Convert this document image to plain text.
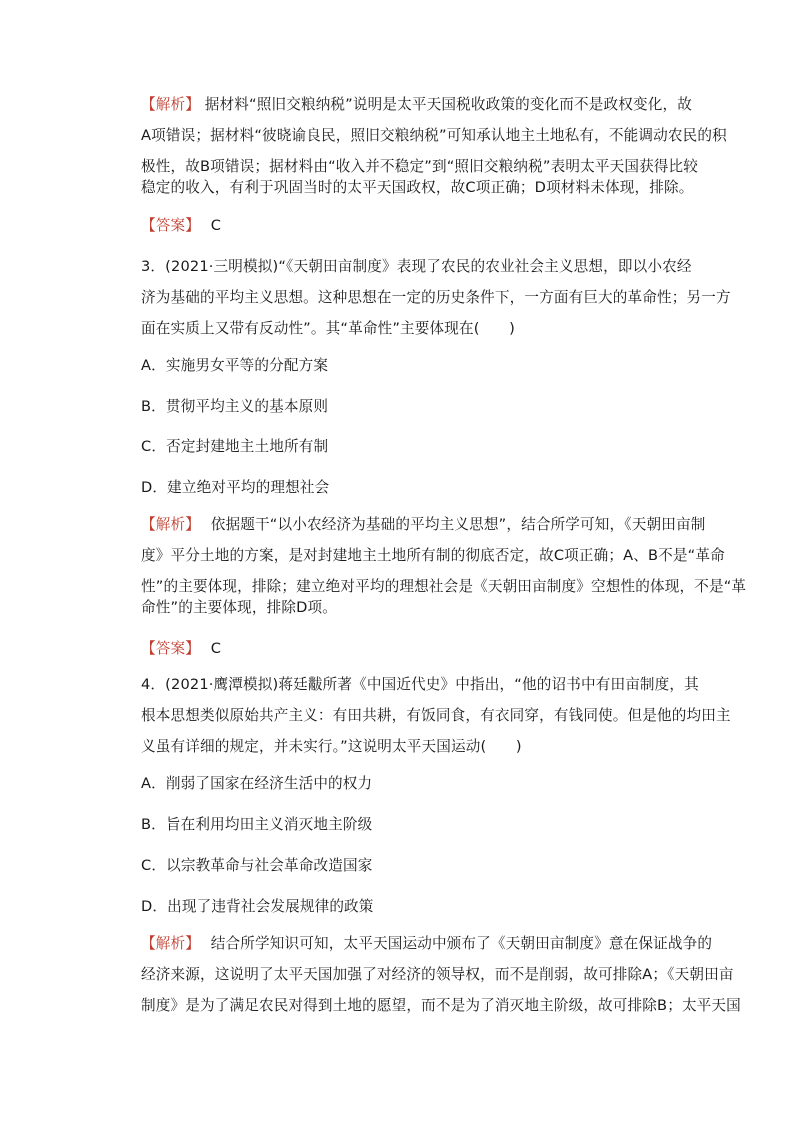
【解析】 据材料“照旧交粮纳税”说明是太平天国税收政策的变化而不是政权变化，故
A项错误；据材料“彼晓谕良民，照旧交粮纳税”可知承认地主土地私有，不能调动农民的积
极性，故B项错误；据材料由“收入并不稳定”到“照旧交粮纳税”表明太平天国获得比较
稳定的收入，有利于巩固当时的太平天国政权，故C项正确；D项材料未体现，排除。
【答案】 C
3．(2021·三明模拟)“《天朝田亩制度》表现了农民的农业社会主义思想，即以小农经
济为基础的平均主义思想。这种思想在一定的历史条件下，一方面有巨大的革命性；另一方
面在实质上又带有反动性”。其“革命性”主要体现在(　　)
A．实施男女平等的分配方案
B．贯彻平均主义的基本原则
C．否定封建地主土地所有制
D．建立绝对平均的理想社会
【解析】 依据题干“以小农经济为基础的平均主义思想”，结合所学可知，《天朝田亩制
度》平分土地的方案，是对封建地主土地所有制的彻底否定，故C项正确；A、B不是“革命
性”的主要体现，排除；建立绝对平均的理想社会是《天朝田亩制度》空想性的体现，不是“革
命性”的主要体现，排除D项。
【答案】 C
4．(2021·鹰潭模拟)蒋廷黻所著《中国近代史》中指出，“他的诏书中有田亩制度，其
根本思想类似原始共产主义：有田共耕，有饭同食，有衣同穿，有钱同使。但是他的均田主
义虽有详细的规定，并未实行。”这说明太平天国运动(　　)
A．削弱了国家在经济生活中的权力
B．旨在利用均田主义消灭地主阶级
C．以宗教革命与社会革命改造国家
D．出现了违背社会发展规律的政策
【解析】 结合所学知识可知，太平天国运动中颁布了《天朝田亩制度》意在保证战争的
经济来源，这说明了太平天国加强了对经济的领导权，而不是削弱，故可排除A；《天朝田亩
制度》是为了满足农民对得到土地的愿望，而不是为了消灭地主阶级，故可排除B；太平天国
